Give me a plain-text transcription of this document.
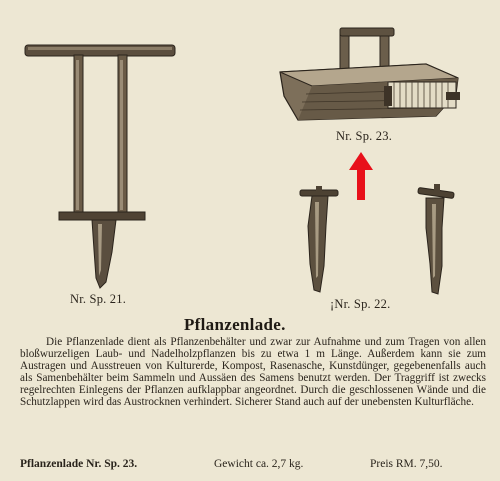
Nr. Sp. 21.
Nr. Sp. 23.
¡Nr. Sp. 22.
Pflanzenlade.
Die Pflanzenlade dient als Pflanzenbehälter und zwar zur Aufnahme und zum Tragen von allen bloßwurzeligen Laub- und Nadelholzpflanzen bis zu etwa 1 m Länge. Außerdem kann sie zum Austragen und Ausstreuen von Kulturerde, Kompost, Rasenasche, Kunstdünger, gegebenenfalls auch als Samenbehälter beim Sammeln und Aussäen des Samens benutzt werden. Der Traggriff ist zwecks regelrechten Einlegens der Pflanzen aufklappbar angeordnet. Durch die geschlossenen Wände und die Schutzlappen wird das Austrocknen verhindert. Sicherer Stand auch auf der unebensten Kulturfläche.
Pflanzenlade Nr. Sp. 23.	Gewicht ca. 2,7 kg.	Preis RM. 7,50.
